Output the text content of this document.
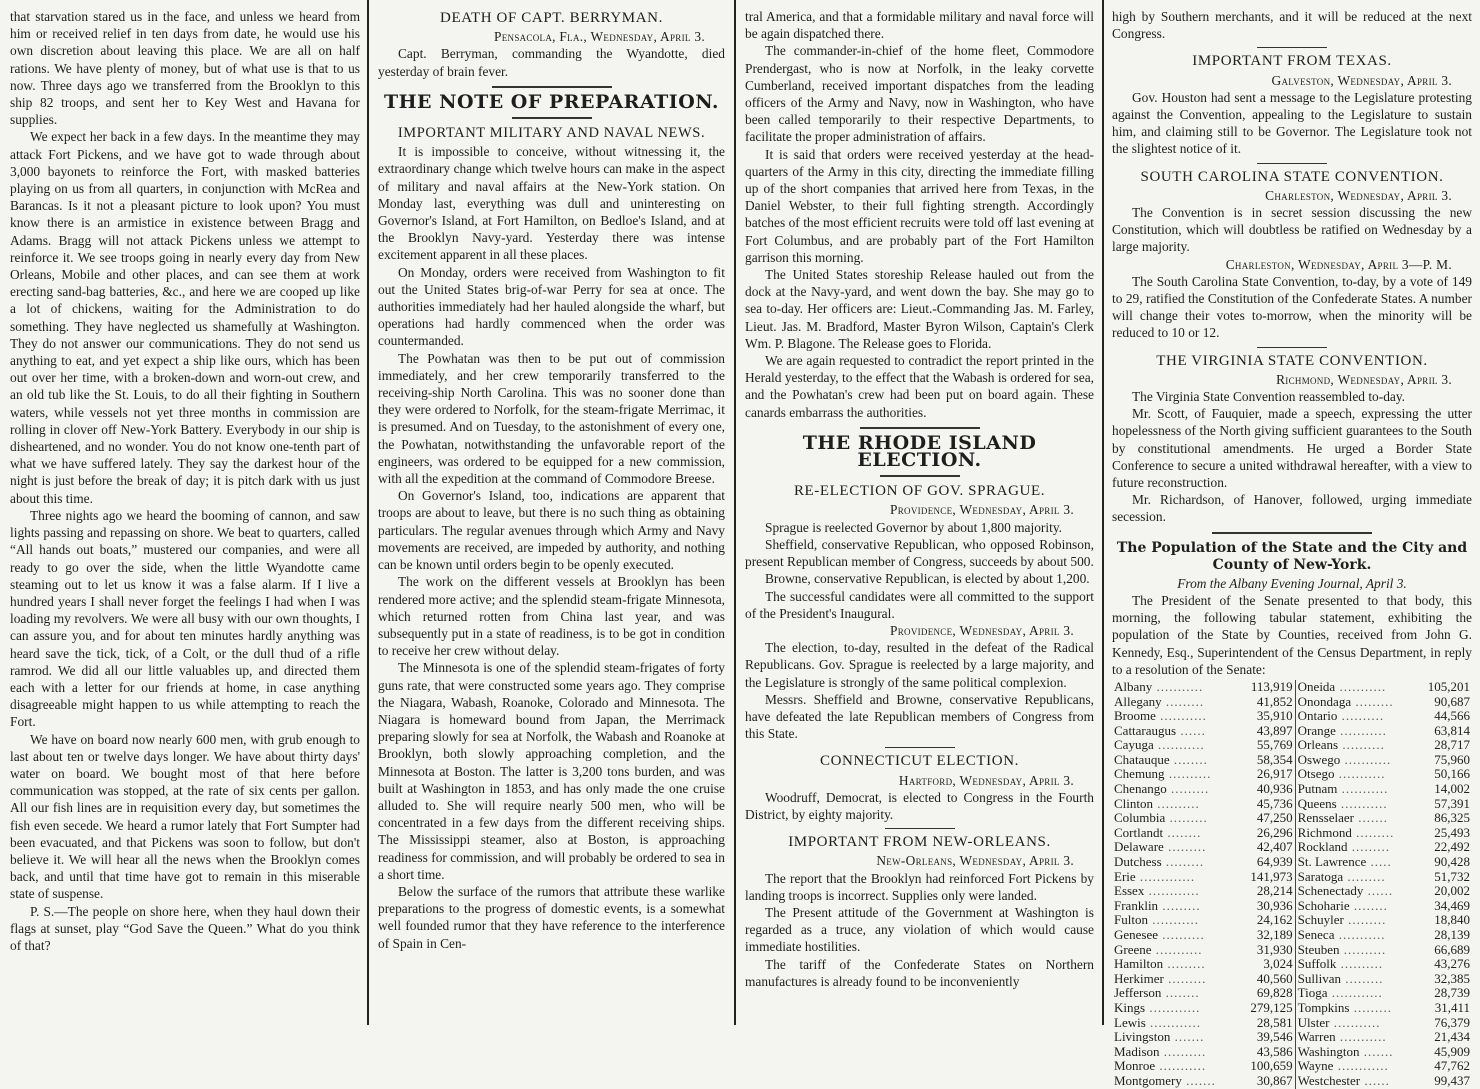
that starvation stared us in the face, and unless we heard from him or received relief in ten days from date, he would use his own discretion about leaving this place. We are all on half rations. We have plenty of money, but of what use is that to us now. Three days ago we transferred from the Brooklyn to this ship 82 troops, and sent her to Key West and Havana for supplies.

We expect her back in a few days. In the meantime they may attack Fort Pickens, and we have got to wade through about 3,000 bayonets to reinforce the Fort, with masked batteries playing on us from all quarters, in conjunction with McRea and Barancas. Is it not a pleasant picture to look upon? You must know there is an armistice in existence between Bragg and Adams. Bragg will not attack Pickens unless we attempt to reinforce it. We see troops going in nearly every day from New Orleans, Mobile and other places, and can see them at work erecting sand-bag batteries, &c., and here we are cooped up like a lot of chickens, waiting for the Administration to do something. They have neglected us shamefully at Washington. They do not answer our communications. They do not send us anything to eat, and yet expect a ship like ours, which has been out over her time, with a broken-down and worn-out crew, and an old tub like the St. Louis, to do all their fighting in Southern waters, while vessels not yet three months in commission are rolling in clover off New-York Battery. Everybody in our ship is disheartened, and no wonder. You do not know one-tenth part of what we have suffered lately. They say the darkest hour of the night is just before the break of day; it is pitch dark with us just about this time.

Three nights ago we heard the booming of cannon, and saw lights passing and repassing on shore. We beat to quarters, called “All hands out boats,” mustered our companies, and were all ready to go over the side, when the little Wyandotte came steaming out to let us know it was a false alarm. If I live a hundred years I shall never forget the feelings I had when I was loading my revolvers. We were all busy with our own thoughts, I can assure you, and for about ten minutes hardly anything was heard save the tick, tick, of a Colt, or the dull thud of a rifle ramrod. We did all our little valuables up, and directed them each with a letter for our friends at home, in case anything disagreeable might happen to us while attempting to reach the Fort.

We have on board now nearly 600 men, with grub enough to last about ten or twelve days longer. We have about thirty days' water on board. We bought most of that here before communication was stopped, at the rate of six cents per gallon. All our fish lines are in requisition every day, but sometimes the fish even secede. We heard a rumor lately that Fort Sumpter had been evacuated, and that Pickens was soon to follow, but don't believe it. We will hear all the news when the Brooklyn comes back, and until that time have got to remain in this miserable state of suspense.

P. S.—The people on shore here, when they haul down their flags at sunset, play “God Save the Queen.” What do you think of that?

DEATH OF CAPT. BERRYMAN.

Pensacola, Fla., Wednesday, April 3.

Capt. Berryman, commanding the Wyandotte, died yesterday of brain fever.

THE NOTE OF PREPARATION.
IMPORTANT MILITARY AND NAVAL NEWS.

It is impossible to conceive, without witnessing it, the extraordinary change which twelve hours can make in the aspect of military and naval affairs at the New-York station. On Monday last, everything was dull and uninteresting on Governor's Island, at Fort Hamilton, on Bedloe's Island, and at the Brooklyn Navy-yard. Yesterday there was intense excitement apparent in all these places.

On Monday, orders were received from Washington to fit out the United States brig-of-war Perry for sea at once. The authorities immediately had her hauled alongside the wharf, but operations had hardly commenced when the order was countermanded.

The Powhatan was then to be put out of commission immediately, and her crew temporarily transferred to the receiving-ship North Carolina. This was no sooner done than they were ordered to Norfolk, for the steam-frigate Merrimac, it is presumed. And on Tuesday, to the astonishment of every one, the Powhatan, notwithstanding the unfavorable report of the engineers, was ordered to be equipped for a new commission, with all the expedition at the command of Commodore Breese.

On Governor's Island, too, indications are apparent that troops are about to leave, but there is no such thing as obtaining particulars. The regular avenues through which Army and Navy movements are received, are impeded by authority, and nothing can be known until orders begin to be openly executed.

The work on the different vessels at Brooklyn has been rendered more active; and the splendid steam-frigate Minnesota, which returned rotten from China last year, and was subsequently put in a state of readiness, is to be got in condition to receive her crew without delay.

The Minnesota is one of the splendid steam-frigates of forty guns rate, that were constructed some years ago. They comprise the Niagara, Wabash, Roanoke, Colorado and Minnesota. The Niagara is homeward bound from Japan, the Merrimack preparing slowly for sea at Norfolk, the Wabash and Roanoke at Brooklyn, both slowly approaching completion, and the Minnesota at Boston. The latter is 3,200 tons burden, and was built at Washington in 1853, and has only made the one cruise alluded to. She will require nearly 500 men, who will be concentrated in a few days from the different receiving ships. The Mississippi steamer, also at Boston, is approaching readiness for commission, and will probably be ordered to sea in a short time.

Below the surface of the rumors that attribute these warlike preparations to the progress of domestic events, is a somewhat well founded rumor that they have reference to the interference of Spain in Cen-

tral America, and that a formidable military and naval force will be again dispatched there.

The commander-in-chief of the home fleet, Commodore Prendergast, who is now at Norfolk, in the leaky corvette Cumberland, received important dispatches from the leading officers of the Army and Navy, now in Washington, who have been called temporarily to their respective Departments, to facilitate the proper administration of affairs.

It is said that orders were received yesterday at the head-quarters of the Army in this city, directing the immediate filling up of the short companies that arrived here from Texas, in the Daniel Webster, to their full fighting strength. Accordingly batches of the most efficient recruits were told off last evening at Fort Columbus, and are probably part of the Fort Hamilton garrison this morning.

The United States storeship Release hauled out from the dock at the Navy-yard, and went down the bay. She may go to sea to-day. Her officers are: Lieut.-Commanding Jas. M. Farley, Lieut. Jas. M. Bradford, Master Byron Wilson, Captain's Clerk Wm. P. Blagone. The Release goes to Florida.

We are again requested to contradict the report printed in the Herald yesterday, to the effect that the Wabash is ordered for sea, and the Powhatan's crew had been put on board again. These canards embarrass the authorities.

THE RHODE ISLAND ELECTION.
RE-ELECTION OF GOV. SPRAGUE.

Providence, Wednesday, April 3.

Sprague is reelected Governor by about 1,800 majority.

Sheffield, conservative Republican, who opposed Robinson, present Republican member of Congress, succeeds by about 500.

Browne, conservative Republican, is elected by about 1,200.

The successful candidates were all committed to the support of the President's Inaugural.

Providence, Wednesday, April 3.

The election, to-day, resulted in the defeat of the Radical Republicans. Gov. Sprague is reelected by a large majority, and the Legislature is strongly of the same political complexion.

Messrs. Sheffield and Browne, conservative Republicans, have defeated the late Republican members of Congress from this State.

CONNECTICUT ELECTION.

Hartford, Wednesday, April 3.

Woodruff, Democrat, is elected to Congress in the Fourth District, by eighty majority.

IMPORTANT FROM NEW-ORLEANS.

New-Orleans, Wednesday, April 3.

The report that the Brooklyn had reinforced Fort Pickens by landing troops is incorrect. Supplies only were landed.

The Present attitude of the Government at Washington is regarded as a truce, any violation of which would cause immediate hostilities.

The tariff of the Confederate States on Northern manufactures is already found to be inconveniently

high by Southern merchants, and it will be reduced at the next Congress.

IMPORTANT FROM TEXAS.

Galveston, Wednesday, April 3.

Gov. Houston had sent a message to the Legislature protesting against the Convention, appealing to the Legislature to sustain him, and claiming still to be Governor. The Legislature took not the slightest notice of it.

SOUTH CAROLINA STATE CONVENTION.

Charleston, Wednesday, April 3.

The Convention is in secret session discussing the new Constitution, which will doubtless be ratified on Wednesday by a large majority.

Charleston, Wednesday, April 3—P. M.

The South Carolina State Convention, to-day, by a vote of 149 to 29, ratified the Constitution of the Confederate States. A number will change their votes to-morrow, when the minority will be reduced to 10 or 12.

THE VIRGINIA STATE CONVENTION.

Richmond, Wednesday, April 3.

The Virginia State Convention reassembled to-day.

Mr. Scott, of Fauquier, made a speech, expressing the utter hopelessness of the North giving sufficient guarantees to the South by constitutional amendments. He urged a Border State Conference to secure a united withdrawal hereafter, with a view to future reconstruction.

Mr. Richardson, of Hanover, followed, urging immediate secession.

The Population of the State and the City and County of New-York.

From the Albany Evening Journal, April 3.

The President of the Senate presented to that body, this morning, the following tabular statement, exhibiting the population of the State by Counties, received from John G. Kennedy, Esq., Superintendent of the Census Department, in reply to a resolution of the Senate:

Albany ...........	113,919		Oneida ...........	105,201
Allegany .........	41,852		Onondaga .........	90,687
Broome ...........	35,910		Ontario ..........	44,566
Cattaraugus ......	43,897		Orange ...........	63,814
Cayuga ...........	55,769		Orleans ..........	28,717
Chatauque ........	58,354		Oswego ...........	75,960
Chemung ..........	26,917		Otsego ...........	50,166
Chenango .........	40,936		Putnam ...........	14,002
Clinton ..........	45,736		Queens ...........	57,391
Columbia .........	47,250		Rensselaer .......	86,325
Cortlandt ........	26,296		Richmond .........	25,493
Delaware .........	42,407		Rockland .........	22,492
Dutchess .........	64,939		St. Lawrence .....	90,428
Erie .............	141,973		Saratoga .........	51,732
Essex ............	28,214		Schenectady ......	20,002
Franklin .........	30,936		Schoharie ........	34,469
Fulton ...........	24,162		Schuyler .........	18,840
Genesee ..........	32,189		Seneca ...........	28,139
Greene ...........	31,930		Steuben ..........	66,689
Hamilton .........	3,024		Suffolk ..........	43,276
Herkimer .........	40,560		Sullivan .........	32,385
Jefferson ........	69,828		Tioga ............	28,739
Kings ............	279,125		Tompkins .........	31,411
Lewis ............	28,581		Ulster ...........	76,379
Livingston .......	39,546		Warren ...........	21,434
Madison ..........	43,586		Washington .......	45,909
Monroe ...........	100,659		Wayne ............	47,762
Montgomery .......	30,867		Westchester ......	99,437
